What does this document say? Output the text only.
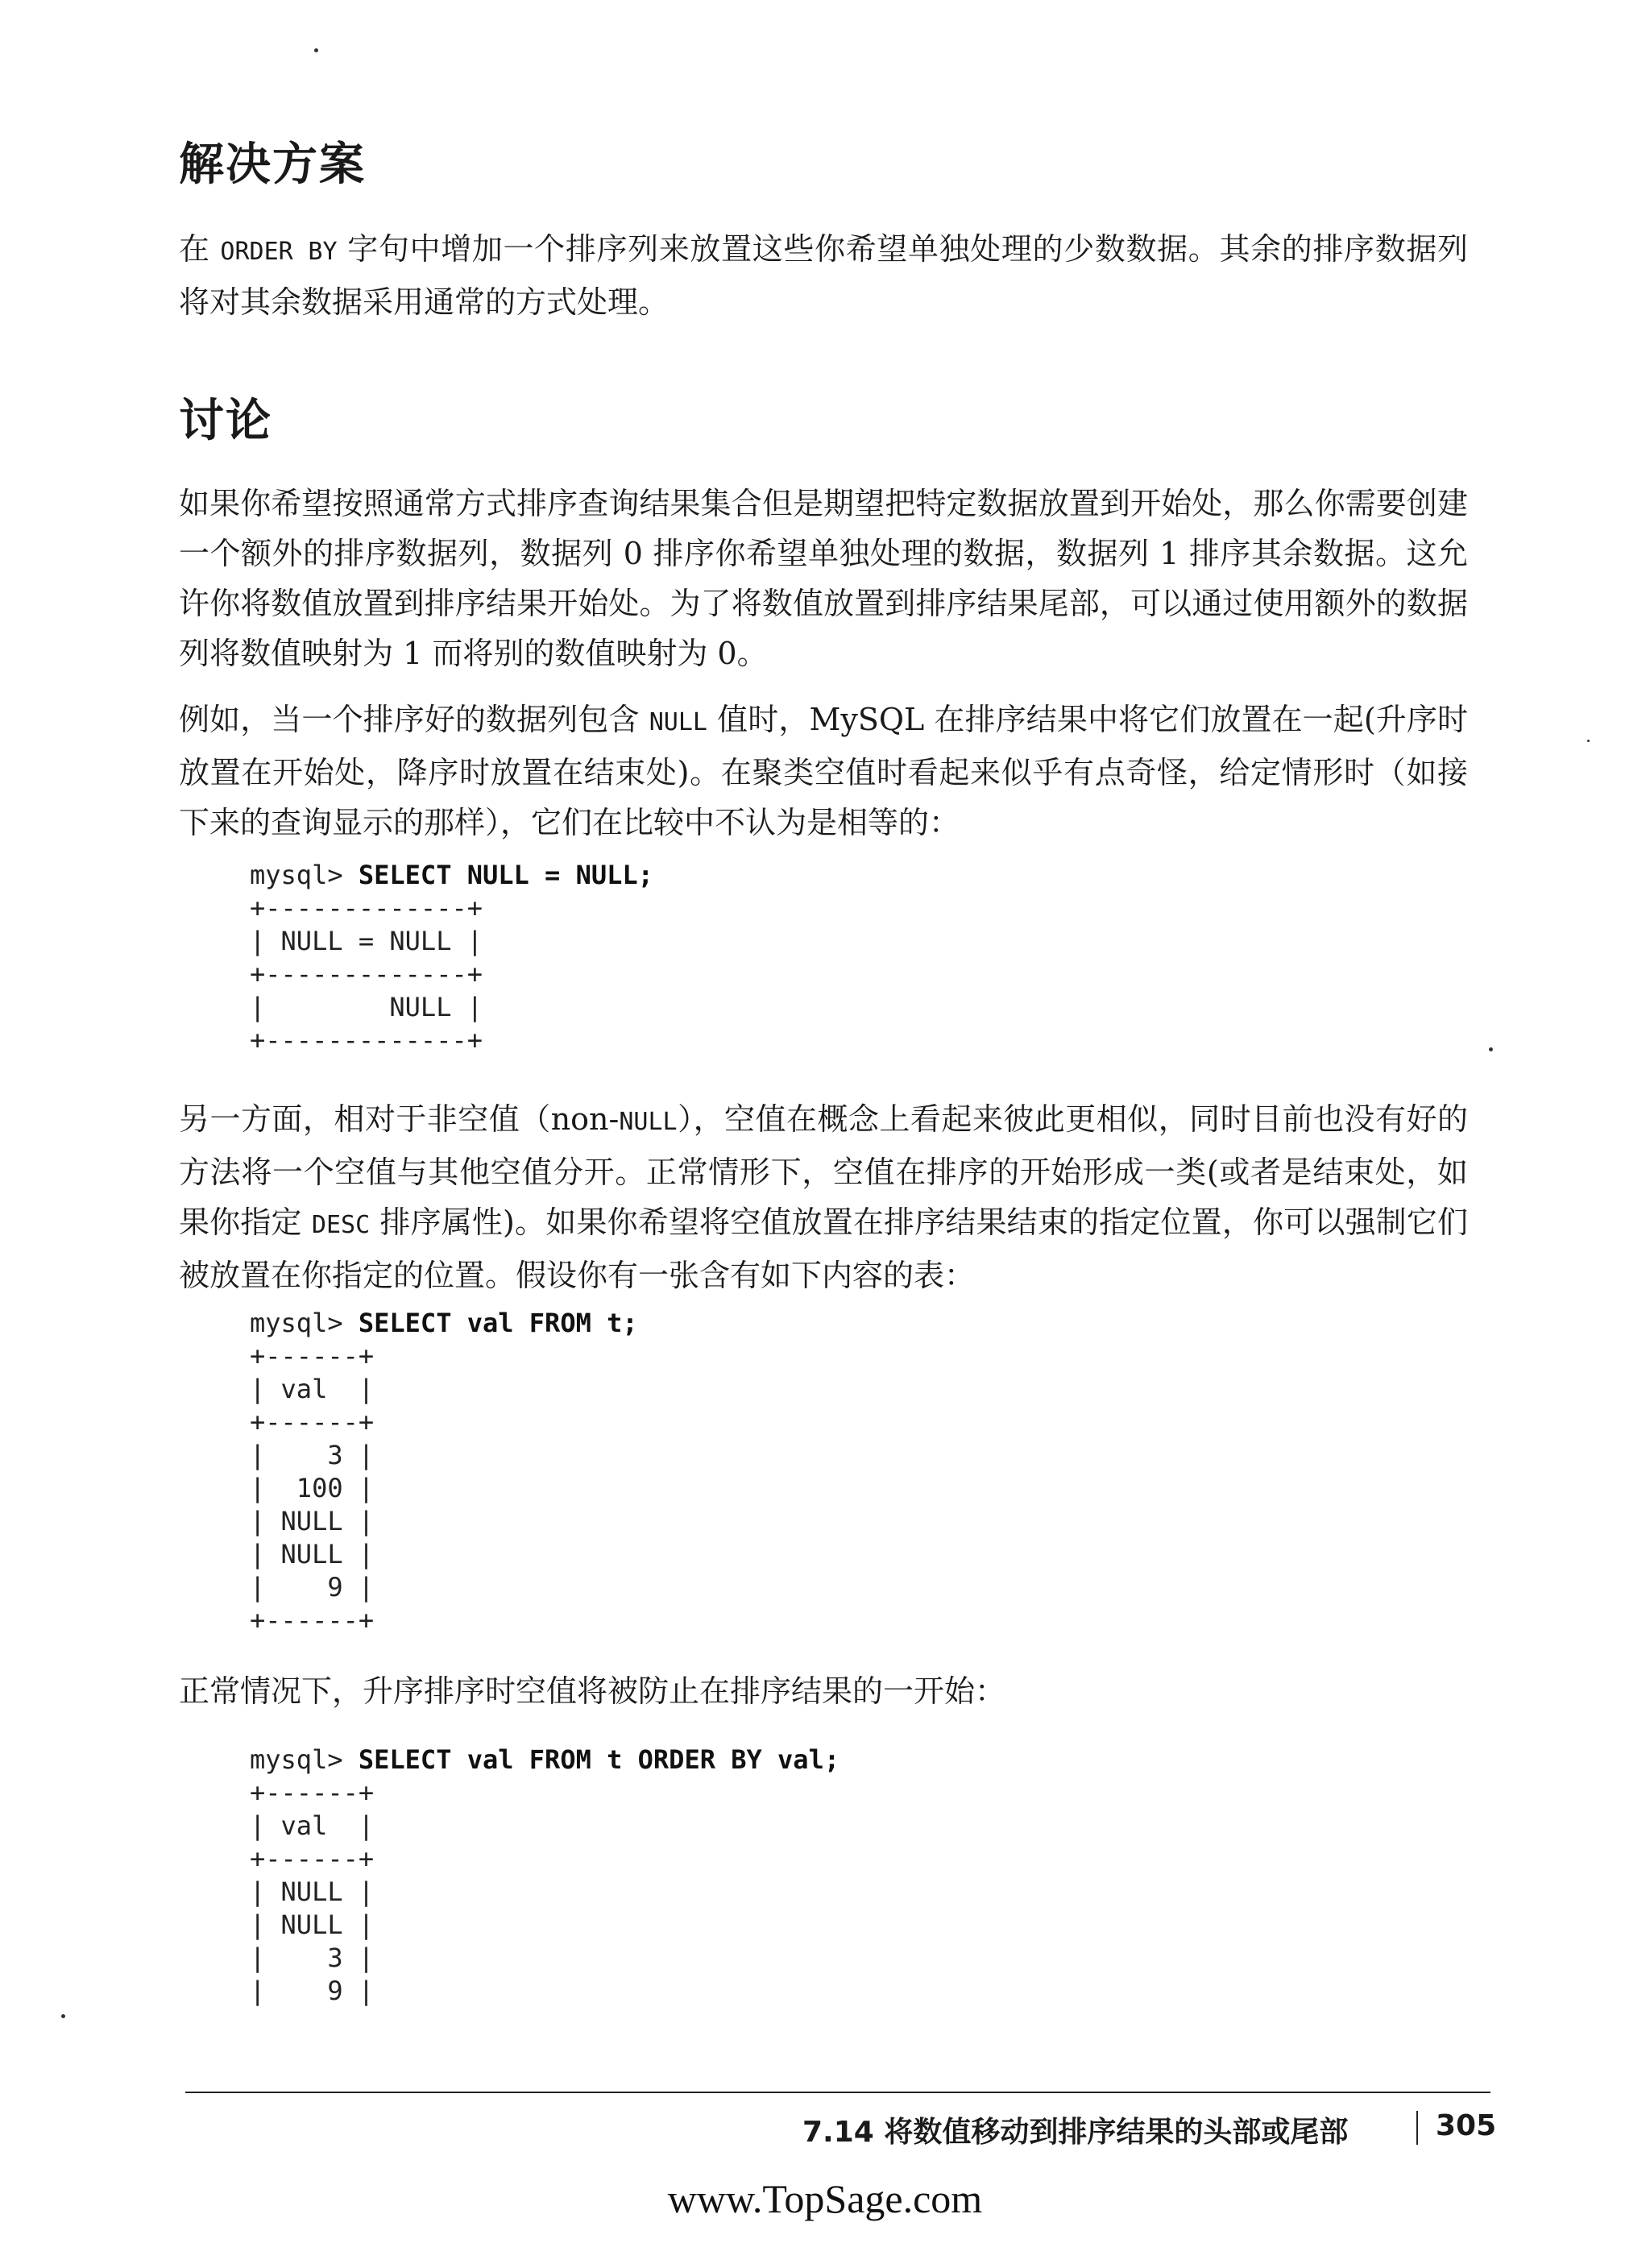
解决方案

在 ORDER BY 字句中增加一个排序列来放置这些你希望单独处理的少数数据。其余的排序数据列将对其余数据采用通常的方式处理。

讨论

如果你希望按照通常方式排序查询结果集合但是期望把特定数据放置到开始处，那么你需要创建一个额外的排序数据列，数据列 0 排序你希望单独处理的数据，数据列 1 排序其余数据。这允许你将数值放置到排序结果开始处。为了将数值放置到排序结果尾部，可以通过使用额外的数据列将数值映射为 1 而将别的数值映射为 0。

例如，当一个排序好的数据列包含 NULL 值时，MySQL 在排序结果中将它们放置在一起(升序时放置在开始处，降序时放置在结束处)。在聚类空值时看起来似乎有点奇怪，给定情形时（如接下来的查询显示的那样），它们在比较中不认为是相等的：

mysql> SELECT NULL = NULL;
+-------------+
| NULL = NULL |
+-------------+
|        NULL |
+-------------+

另一方面，相对于非空值（non-NULL），空值在概念上看起来彼此更相似，同时目前也没有好的方法将一个空值与其他空值分开。正常情形下，空值在排序的开始形成一类(或者是结束处，如果你指定 DESC 排序属性)。如果你希望将空值放置在排序结果结束的指定位置，你可以强制它们被放置在你指定的位置。假设你有一张含有如下内容的表：

mysql> SELECT val FROM t;
+------+
| val  |
+------+
|    3 |
|  100 |
| NULL |
| NULL |
|    9 |
+------+

正常情况下，升序排序时空值将被防止在排序结果的一开始：

mysql> SELECT val FROM t ORDER BY val;
+------+
| val  |
+------+
| NULL |
| NULL |
|    3 |
|    9 |
7.14 将数值移动到排序结果的头部或尾部	305
www.TopSage.com
